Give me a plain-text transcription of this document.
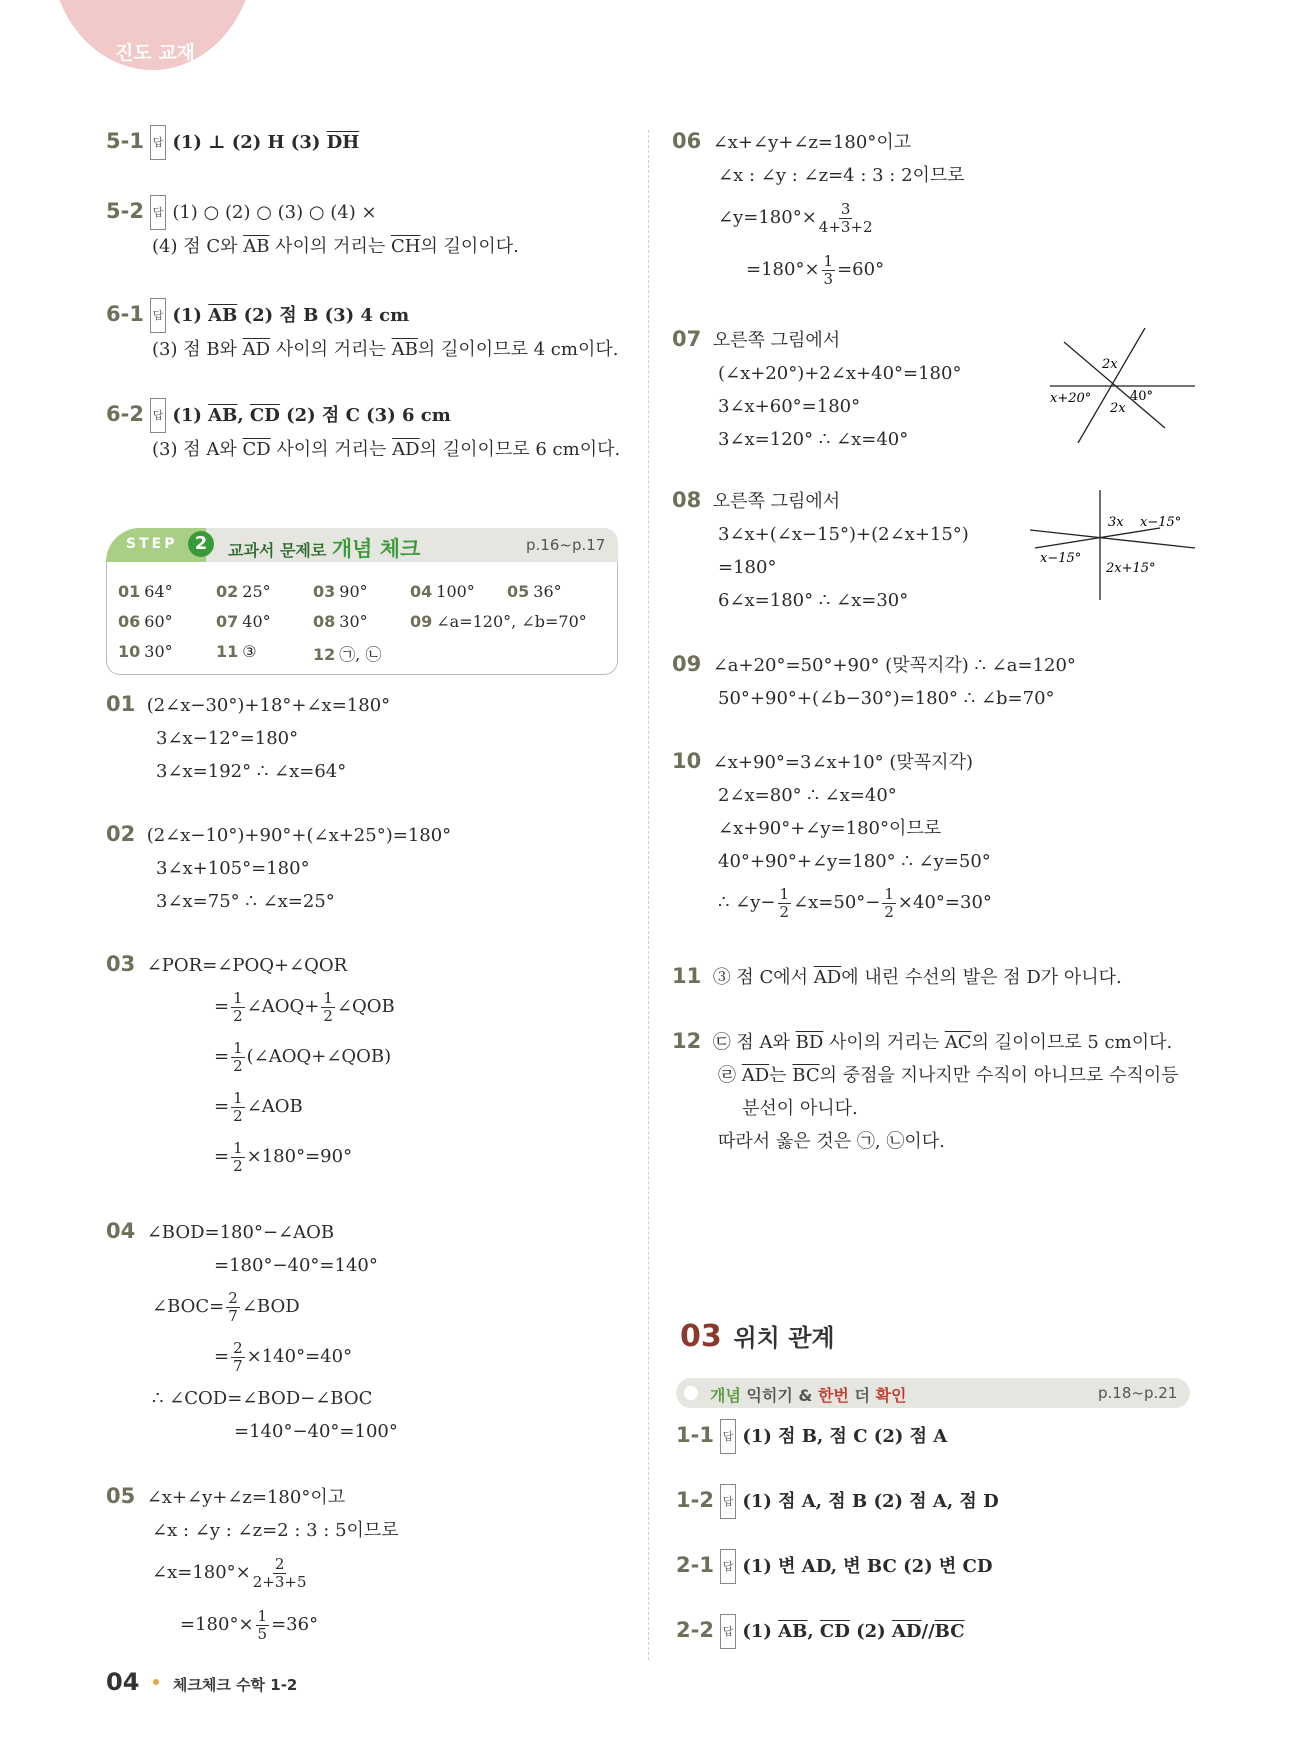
진도 교재
5-1 답 (1) ⊥ (2) H (3) $\overline{DH}$
5-2 답 (1) ○ (2) ○ (3) ○ (4) ×
(4) 점 C와 $\overline{AB}$ 사이의 거리는 $\overline{CH}$의 길이이다.
6-1 답 (1) $\overline{AB}$ (2) 점 B (3) 4 cm
(3) 점 B와 $\overline{AD}$ 사이의 거리는 $\overline{AB}$의 길이이므로 4 cm이다.
6-2 답 (1) $\overline{AB}$, $\overline{CD}$ (2) 점 C (3) 6 cm
(3) 점 A와 $\overline{CD}$ 사이의 거리는 $\overline{AD}$의 길이이므로 6 cm이다.
STEP 2	교과서 문제로 개념 체크	p.16~p.17
01 64°	02 25°	03 90°	04 100° 05 36°
06 60°	07 40°	08 30°	09 ∠a=120°, ∠b=70°
10 30°	11 ③	12 ㉠, ㉡
01 (2∠x−30°)+18°+∠x=180°
3∠x−12°=180°
3∠x=192° ∴ ∠x=64°
02 (2∠x−10°)+90°+(∠x+25°)=180°
3∠x+105°=180°
3∠x=75° ∴ ∠x=25°
03 ∠POR=∠POQ+∠QOR
= $\frac{1}{2}$ ∠AOQ+ $\frac{1}{2}$ ∠QOB
= $\frac{1}{2}$ (∠AOQ+∠QOB)
= $\frac{1}{2}$ ∠AOB
= $\frac{1}{2} \times 180^\circ=90^\circ$
04 ∠BOD=180°−∠AOB
=180°−40°=140°
∠BOC= $\frac{2}{7}$ ∠BOD
= $\frac{2}{7} \times 140^\circ=40^\circ$
∴ ∠COD=∠BOD−∠BOC
=140°−40°=100°
05 ∠x+∠y+∠z=180°이고
∠x : ∠y : ∠z=2 : 3 : 5이므로
∠x=180°× $\frac{2}{2+3+5}$
$=180^\circ\times \frac{1}{5} =36^\circ$
04 체크체크 수학 1-2
06 ∠x+∠y+∠z=180°이고
∠x : ∠y : ∠z=4 : 3 : 2이므로
∠y=180°× $\frac{3}{4+3+2}$
$=180^\circ\times \frac{1}{3} =60^\circ$
07 오른쪽 그림에서
(∠x+20°)+2∠x+40°=180°
3∠x+60°=180°
3∠x=120° ∴ ∠x=40°
2x
x+20°	40°
2x
08 오른쪽 그림에서
3∠x+(∠x−15°)+(2∠x+15°)
=180°
6∠x=180° ∴ ∠x=30°
3x x−15°
x−15°
2x+15°
09 ∠a+20°=50°+90° (맞꼭지각) ∴ ∠a=120°
50°+90°+(∠b−30°)=180° ∴ ∠b=70°
10 ∠x+90°=3∠x+10° (맞꼭지각)
2∠x=80° ∴ ∠x=40°
∠x+90°+∠y=180°이므로
40°+90°+∠y=180° ∴ ∠y=50°
∴ ∠y− $\frac{1}{2}$ ∠x=50°− $\frac{1}{2} \times 40^\circ=30^\circ$
11 ③ 점 C에서 $\overline{AD}$에 내린 수선의 발은 점 D가 아니다.
12 ㉢ 점 A와 $\overline{BD}$ 사이의 거리는 $\overline{AC}$의 길이이므로 5 cm이다.
㉣ $\overline{AD}$는 $\overline{BC}$의 중점을 지나지만 수직이 아니므로 수직이등
분선이 아니다.
따라서 옳은 것은 ㉠, ㉡이다.
03 위치 관계
개념 익히기 & 한번 더 확인	p.18~p.21
1-1 답 (1) 점 B, 점 C (2) 점 A
1-2 답 (1) 점 A, 점 B (2) 점 A, 점 D
2-1 답 (1) 변 AD, 변 BC (2) 변 CD
2-2 답 (1) $\overline{AB}$, $\overline{CD}$ (2) $\overline{AD}//\overline{BC}$
